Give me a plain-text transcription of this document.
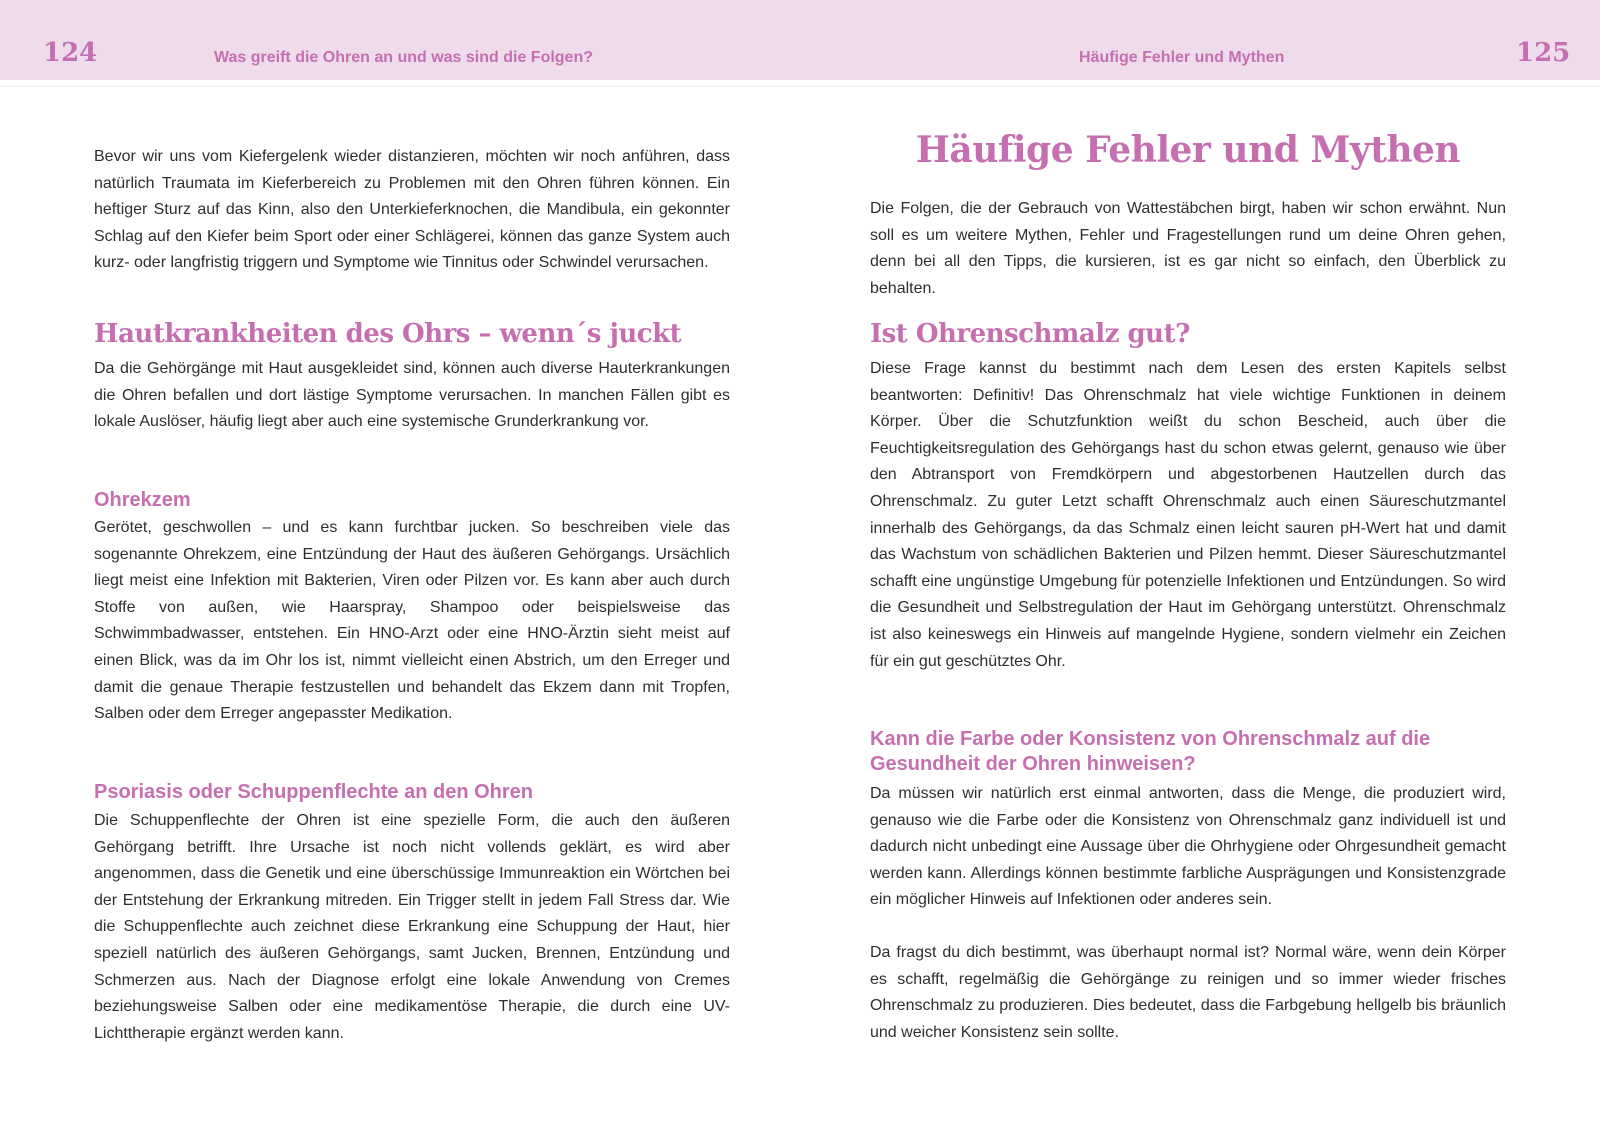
124	Was greift die Ohren an und was sind die Folgen?	Häufige Fehler und Mythen	125

Bevor wir uns vom Kiefergelenk wieder distanzieren, möchten wir noch anführen, dass natürlich Traumata im Kieferbereich zu Problemen mit den Ohren führen können. Ein heftiger Sturz auf das Kinn, also den Unterkieferknochen, die Mandibula, ein gekonnter Schlag auf den Kiefer beim Sport oder einer Schlägerei, können das ganze System auch kurz- oder langfristig triggern und Symptome wie Tinnitus oder Schwindel verursachen.

Hautkrankheiten des Ohrs – wenn´s juckt

Da die Gehörgänge mit Haut ausgekleidet sind, können auch diverse Hauterkrankungen die Ohren befallen und dort lästige Symptome verursachen. In manchen Fällen gibt es lokale Auslöser, häufig liegt aber auch eine systemische Grunderkrankung vor.

Ohrekzem

Gerötet, geschwollen – und es kann furchtbar jucken. So beschreiben viele das sogenannte Ohrekzem, eine Entzündung der Haut des äußeren Gehörgangs. Ursächlich liegt meist eine Infektion mit Bakterien, Viren oder Pilzen vor. Es kann aber auch durch Stoffe von außen, wie Haarspray, Shampoo oder beispielsweise das Schwimmbadwasser, entstehen. Ein HNO-Arzt oder eine HNO-Ärztin sieht meist auf einen Blick, was da im Ohr los ist, nimmt vielleicht einen Abstrich, um den Erreger und damit die genaue Therapie festzustellen und behandelt das Ekzem dann mit Tropfen, Salben oder dem Erreger angepasster Medikation.

Psoriasis oder Schuppenflechte an den Ohren

Die Schuppenflechte der Ohren ist eine spezielle Form, die auch den äußeren Gehörgang betrifft. Ihre Ursache ist noch nicht vollends geklärt, es wird aber angenommen, dass die Genetik und eine überschüssige Immunreaktion ein Wörtchen bei der Entstehung der Erkrankung mitreden. Ein Trigger stellt in jedem Fall Stress dar. Wie die Schuppenflechte auch zeichnet diese Erkrankung eine Schuppung der Haut, hier speziell natürlich des äußeren Gehörgangs, samt Jucken, Brennen, Entzündung und Schmerzen aus. Nach der Diagnose erfolgt eine lokale Anwendung von Cremes beziehungsweise Salben oder eine medikamentöse Therapie, die durch eine UV-Lichttherapie ergänzt werden kann.

Häufige Fehler und Mythen

Die Folgen, die der Gebrauch von Wattestäbchen birgt, haben wir schon erwähnt. Nun soll es um weitere Mythen, Fehler und Fragestellungen rund um deine Ohren gehen, denn bei all den Tipps, die kursieren, ist es gar nicht so einfach, den Überblick zu behalten.

Ist Ohrenschmalz gut?

Diese Frage kannst du bestimmt nach dem Lesen des ersten Kapitels selbst beantworten: Definitiv! Das Ohrenschmalz hat viele wichtige Funktionen in deinem Körper. Über die Schutzfunktion weißt du schon Bescheid, auch über die Feuchtigkeitsregulation des Gehörgangs hast du schon etwas gelernt, genauso wie über den Abtransport von Fremdkörpern und abgestorbenen Hautzellen durch das Ohrenschmalz. Zu guter Letzt schafft Ohrenschmalz auch einen Säureschutzmantel innerhalb des Gehörgangs, da das Schmalz einen leicht sauren pH-Wert hat und damit das Wachstum von schädlichen Bakterien und Pilzen hemmt. Dieser Säureschutzmantel schafft eine ungünstige Umgebung für potenzielle Infektionen und Entzündungen. So wird die Gesundheit und Selbstregulation der Haut im Gehörgang unterstützt. Ohrenschmalz ist also keineswegs ein Hinweis auf mangelnde Hygiene, sondern vielmehr ein Zeichen für ein gut geschütztes Ohr.

Kann die Farbe oder Konsistenz von Ohrenschmalz auf die Gesundheit der Ohren hinweisen?

Da müssen wir natürlich erst einmal antworten, dass die Menge, die produziert wird, genauso wie die Farbe oder die Konsistenz von Ohrenschmalz ganz individuell ist und dadurch nicht unbedingt eine Aussage über die Ohrhygiene oder Ohrgesundheit gemacht werden kann. Allerdings können bestimmte farbliche Ausprägungen und Konsistenzgrade ein möglicher Hinweis auf Infektionen oder anderes sein.

Da fragst du dich bestimmt, was überhaupt normal ist? Normal wäre, wenn dein Körper es schafft, regelmäßig die Gehörgänge zu reinigen und so immer wieder frisches Ohrenschmalz zu produzieren. Dies bedeutet, dass die Farbgebung hellgelb bis bräunlich und weicher Konsistenz sein sollte.
